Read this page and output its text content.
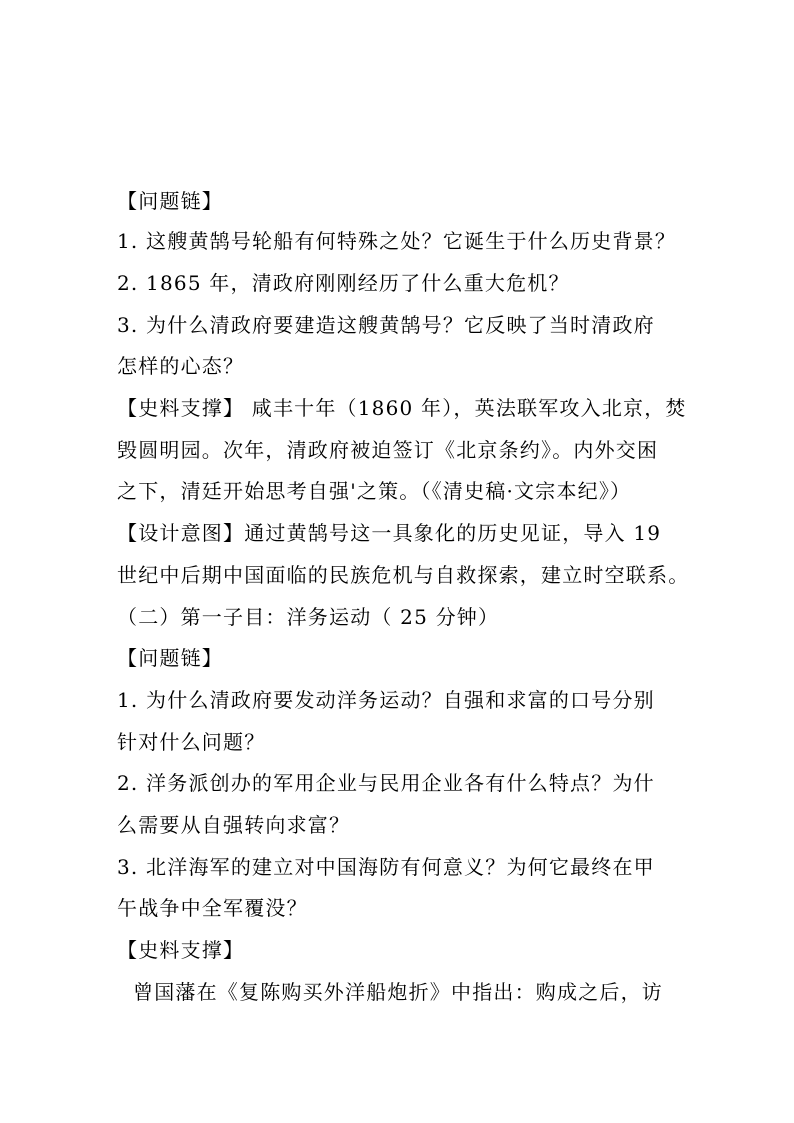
【问题链】
1. 这艘黄鹄号轮船有何特殊之处？它诞生于什么历史背景？
2. 1865 年，清政府刚刚经历了什么重大危机？
3. 为什么清政府要建造这艘黄鹄号？它反映了当时清政府
怎样的心态？
【史料支撑】 咸丰十年（1860 年），英法联军攻入北京，焚
毁圆明园。次年，清政府被迫签订《北京条约》。内外交困
之下，清廷开始思考自强'之策。（《清史稿·文宗本纪》）
【设计意图】通过黄鹄号这一具象化的历史见证，导入 19
世纪中后期中国面临的民族危机与自救探索，建立时空联系。
（二）第一子目：洋务运动（ 25 分钟）
【问题链】
1. 为什么清政府要发动洋务运动？自强和求富的口号分别
针对什么问题？
2. 洋务派创办的军用企业与民用企业各有什么特点？为什
么需要从自强转向求富？
3. 北洋海军的建立对中国海防有何意义？为何它最终在甲
午战争中全军覆没？
【史料支撑】
曾国藩在《复陈购买外洋船炮折》中指出：购成之后，访
